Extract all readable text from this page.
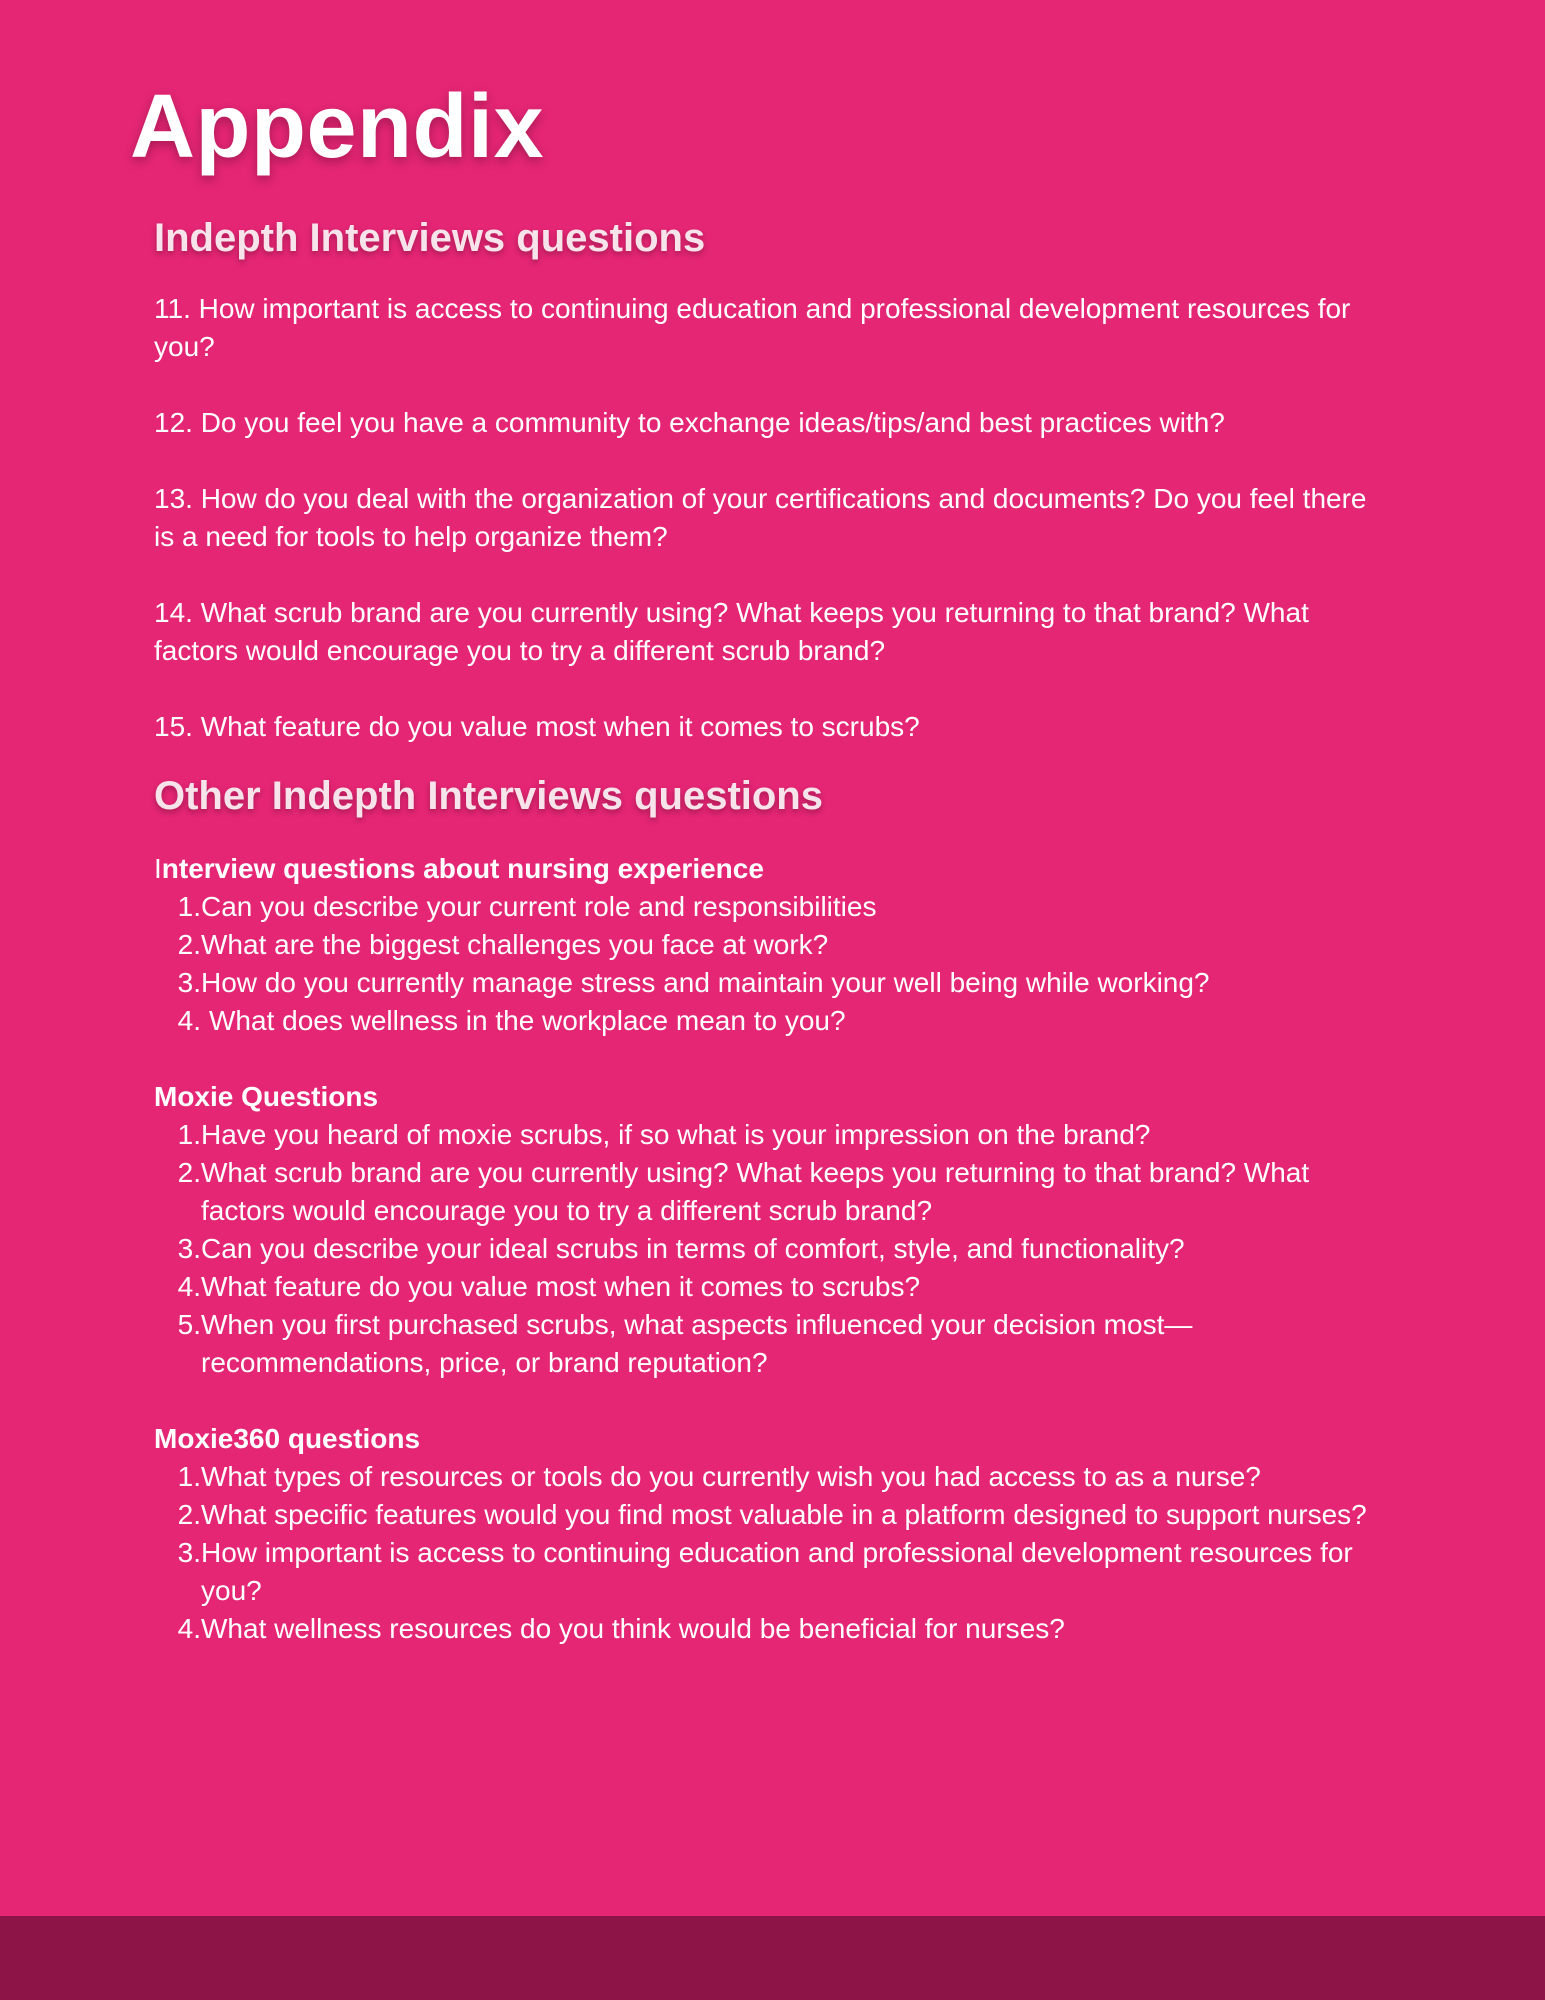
Appendix
Indepth Interviews questions

11. How important is access to continuing education and professional development resources for you?

12. Do you feel you have a community to exchange ideas/tips/and best practices with?

13. How do you deal with the organization of your certifications and documents? Do you feel there is a need for tools to help organize them?

14. What scrub brand are you currently using? What keeps you returning to that brand? What factors would encourage you to try a different scrub brand?

15. What feature do you value most when it comes to scrubs?

Other Indepth Interviews questions

Interview questions about nursing experience

1. Can you describe your current role and responsibilities
2. What are the biggest challenges you face at work?
3. How do you currently manage stress and maintain your well being while working?
4. What does wellness in the workplace mean to you?

Moxie Questions

1. Have you heard of moxie scrubs, if so what is your impression on the brand?
2. What scrub brand are you currently using? What keeps you returning to that brand? What factors would encourage you to try a different scrub brand?
3. Can you describe your ideal scrubs in terms of comfort, style, and functionality?
4. What feature do you value most when it comes to scrubs?
5. When you first purchased scrubs, what aspects influenced your decision most—recommendations, price, or brand reputation?

Moxie360 questions

1. What types of resources or tools do you currently wish you had access to as a nurse?
2. What specific features would you find most valuable in a platform designed to support nurses?
3. How important is access to continuing education and professional development resources for you?
4. What wellness resources do you think would be beneficial for nurses?
